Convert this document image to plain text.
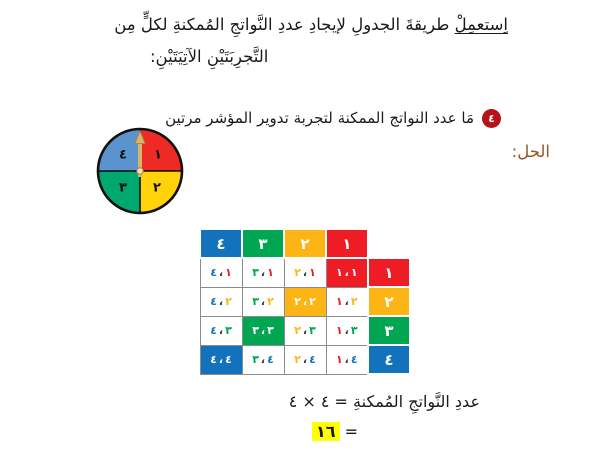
اِستعمِلْ طريقةَ الجدولِ لإيجادِ عددِ النَّواتجِ المُمكنةِ لكلٍّ مِن
التَّجرِبَتَيْنِ الآتِيَتَيْنِ:
٤
مَا عدد النواتج الممكنة لتجربة تدوير المؤشر مرتين
الحل:
١
٢
٣
٤
٤	٣	٢	١	
٤ ، ١	٣ ، ١	٢ ، ١	١ ، ١	١
٤ ، ٢	٣ ، ٢	٢ ، ٢	١ ، ٢	٢
٤ ، ٣	٣ ، ٣	٢ ، ٣	١ ، ٣	٣
٤ ، ٤	٣ ، ٤	٢ ، ٤	١ ، ٤	٤
عددِ النَّواتجِ المُمكنةِ = ٤ × ٤
= ١٦
